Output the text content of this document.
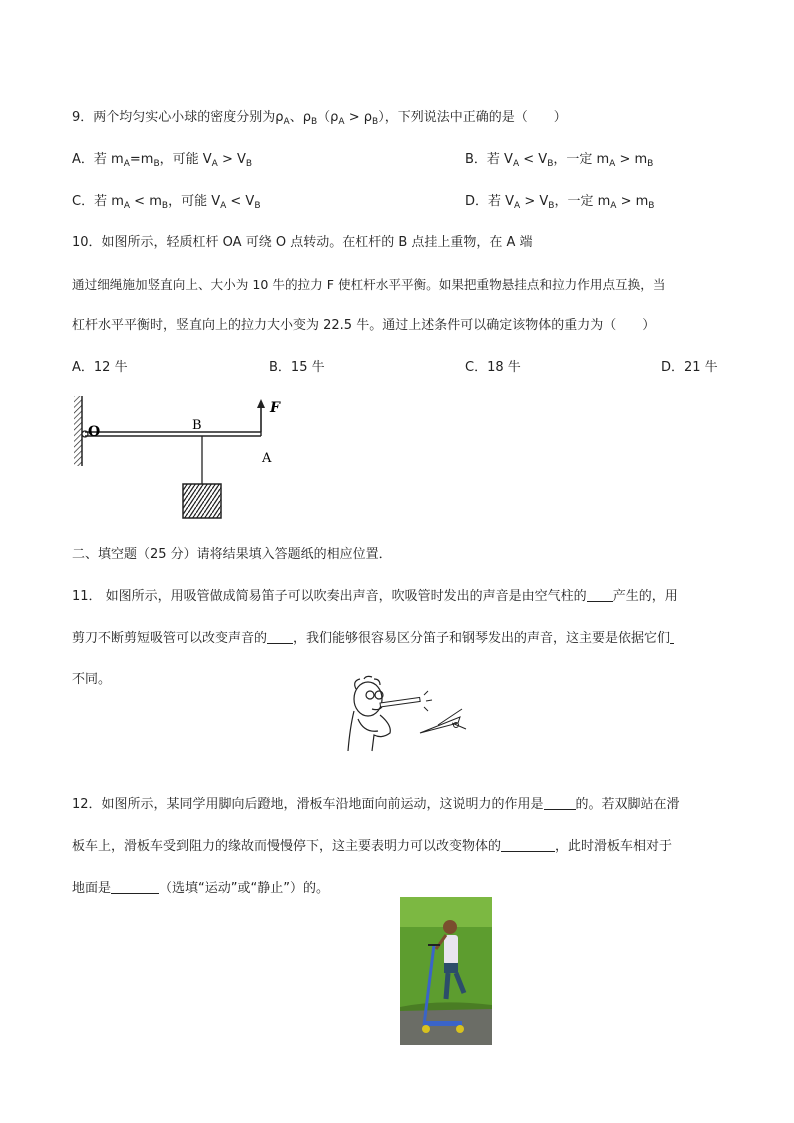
9．两个均匀实心小球的密度分别为$\rho_A$、$\rho_B(\rho_A > \rho_B)$，下列说法中正确的是（　　）
A．若 $m_A=m_B$，可能 $V_A > V_B$	B．若 $V_A < V_B$，一定 $m_A > m_B$
C．若 $m_A < m_B$，可能 $V_A < V_B$	D．若 $V_A > V_B$，一定 $m_A > m_B$
10．如图所示，轻质杠杆 OA 可绕 O 点转动。在杠杆的 B 点挂上重物，在 A 端
通过细绳施加竖直向上、大小为 10 牛的拉力 F 使杠杆水平平衡。如果把重物悬挂点和拉力作用点互换，当
杠杆水平平衡时，竖直向上的拉力大小变为 22.5 牛。通过上述条件可以确定该物体的重力为（　　）
A．12 牛	B．15 牛	C．18 牛	D．21 牛
O	B
A
F
二、填空题（25 分）请将结果填入答题纸的相应位置．
11． 如图所示，用吸管做成简易笛子可以吹奏出声音，吹吸管时发出的声音是由空气柱的 产生的，用
剪刀不断剪短吸管可以改变声音的 ，我们能够很容易区分笛子和钢琴发出的声音，这主要是依据它们
不同。
12．如图所示，某同学用脚向后蹬地，滑板车沿地面向前运动，这说明力的作用是 的。若双脚站在滑
板车上，滑板车受到阻力的缘故而慢慢停下，这主要表明力可以改变物体的	，此时滑板车相对于
地面是	（选填“运动”或“静止”）的。
